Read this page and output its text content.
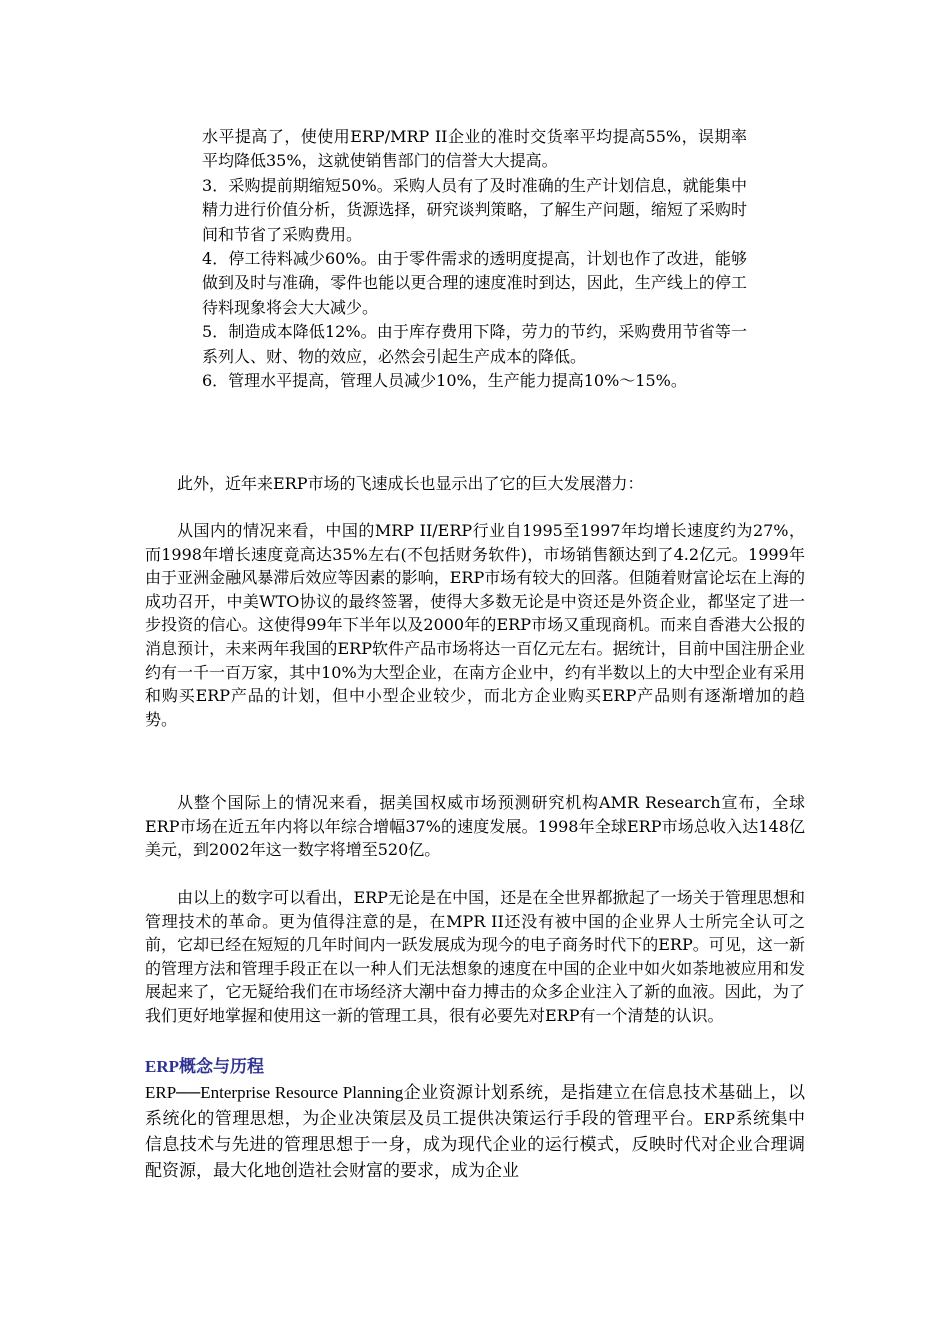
水平提高了，使使用ERP/MRP II企业的准时交货率平均提高55%，误期率平均降低35%，这就使销售部门的信誉大大提高。

3．采购提前期缩短50%。采购人员有了及时准确的生产计划信息，就能集中精力进行价值分析，货源选择，研究谈判策略，了解生产问题，缩短了采购时间和节省了采购费用。

4．停工待料减少60%。由于零件需求的透明度提高，计划也作了改进，能够做到及时与准确，零件也能以更合理的速度准时到达，因此，生产线上的停工待料现象将会大大减少。

5．制造成本降低12%。由于库存费用下降，劳力的节约，采购费用节省等一系列人、财、物的效应，必然会引起生产成本的降低。

6．管理水平提高，管理人员减少10%，生产能力提高10%～15%。

此外，近年来ERP市场的飞速成长也显示出了它的巨大发展潜力：

从国内的情况来看，中国的MRP II/ERP行业自1995至1997年均增长速度约为27%，而1998年增长速度竟高达35%左右(不包括财务软件)，市场销售额达到了4.2亿元。1999年由于亚洲金融风暴滞后效应等因素的影响，ERP市场有较大的回落。但随着财富论坛在上海的成功召开，中美WTO协议的最终签署，使得大多数无论是中资还是外资企业，都坚定了进一步投资的信心。这使得99年下半年以及2000年的ERP市场又重现商机。而来自香港大公报的消息预计，未来两年我国的ERP软件产品市场将达一百亿元左右。据统计，目前中国注册企业约有一千一百万家，其中10%为大型企业，在南方企业中，约有半数以上的大中型企业有采用和购买ERP产品的计划，但中小型企业较少，而北方企业购买ERP产品则有逐渐增加的趋势。

从整个国际上的情况来看，据美国权威市场预测研究机构AMR Research宣布，全球ERP市场在近五年内将以年综合增幅37%的速度发展。1998年全球ERP市场总收入达148亿美元，到2002年这一数字将增至520亿。

由以上的数字可以看出，ERP无论是在中国，还是在全世界都掀起了一场关于管理思想和管理技术的革命。更为值得注意的是，在MPR II还没有被中国的企业界人士所完全认可之前，它却已经在短短的几年时间内一跃发展成为现今的电子商务时代下的ERP。可见，这一新的管理方法和管理手段正在以一种人们无法想象的速度在中国的企业中如火如荼地被应用和发展起来了，它无疑给我们在市场经济大潮中奋力搏击的众多企业注入了新的血液。因此，为了我们更好地掌握和使用这一新的管理工具，很有必要先对ERP有一个清楚的认识。

ERP概念与历程

ERP──Enterprise Resource Planning企业资源计划系统，是指建立在信息技术基础上，以系统化的管理思想，为企业决策层及员工提供决策运行手段的管理平台。ERP系统集中信息技术与先进的管理思想于一身，成为现代企业的运行模式，反映时代对企业合理调配资源，最大化地创造社会财富的要求，成为企业
